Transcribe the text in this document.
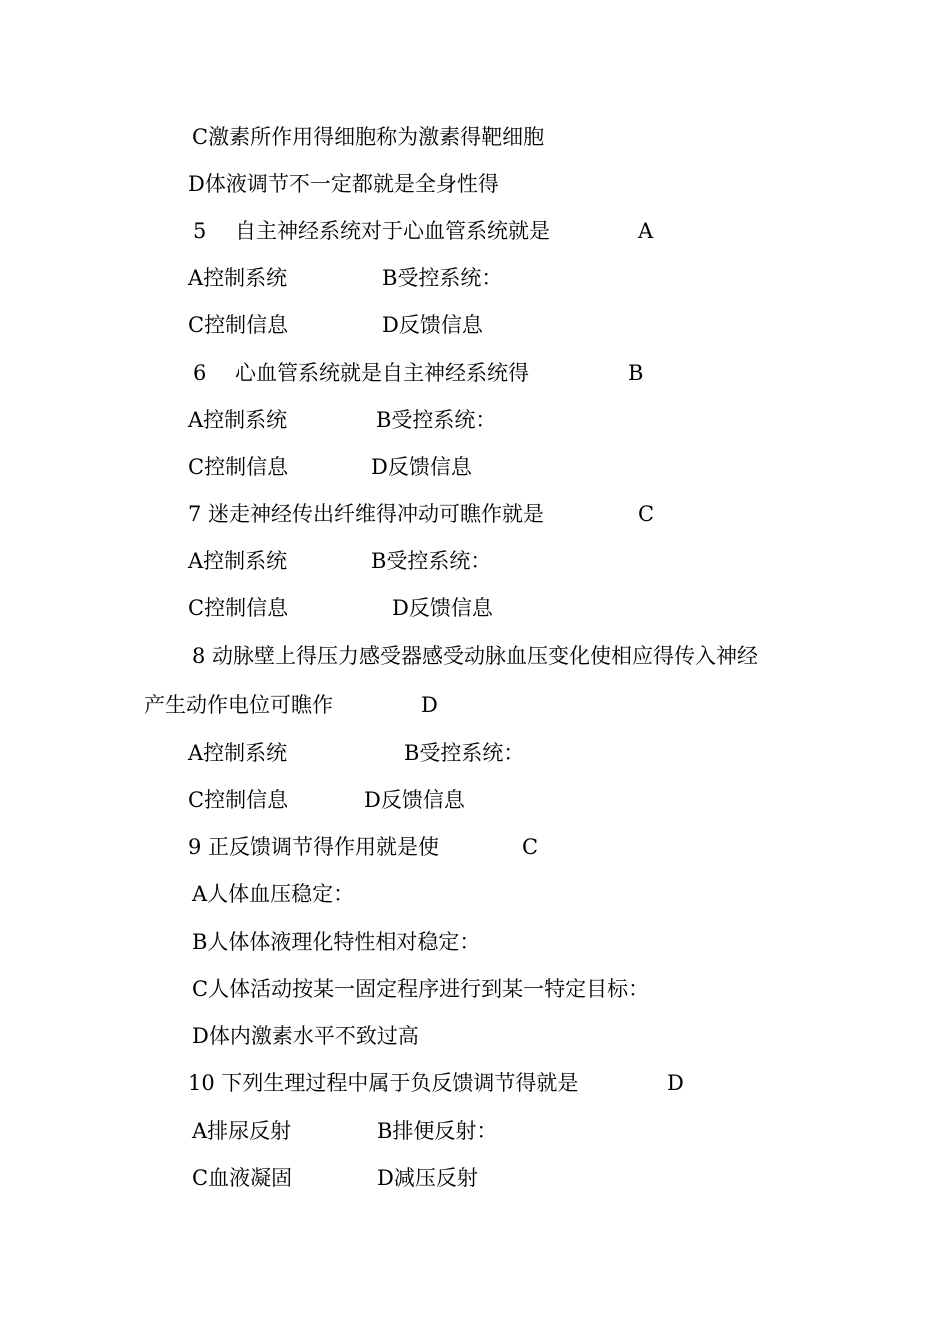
C激素所作用得细胞称为激素得靶细胞
D体液调节不一定都就是全身性得
5 自主神经系统对于心血管系统就是	A
A控制系统	B受控系统：
C控制信息	D反馈信息
6 心血管系统就是自主神经系统得	B
A控制系统	B受控系统：
C控制信息	D反馈信息
7 迷走神经传出纤维得冲动可瞧作就是	C
A控制系统	B受控系统：
C控制信息	D反馈信息
8 动脉壁上得压力感受器感受动脉血压变化使相应得传入神经
产生动作电位可瞧作	D
A控制系统	B受控系统：
C控制信息	D反馈信息
9 正反馈调节得作用就是使	C
A人体血压稳定：
B人体体液理化特性相对稳定：
C人体活动按某一固定程序进行到某一特定目标：
D体内激素水平不致过高
10 下列生理过程中属于负反馈调节得就是	D
A排尿反射	B排便反射：
C血液凝固	D减压反射
